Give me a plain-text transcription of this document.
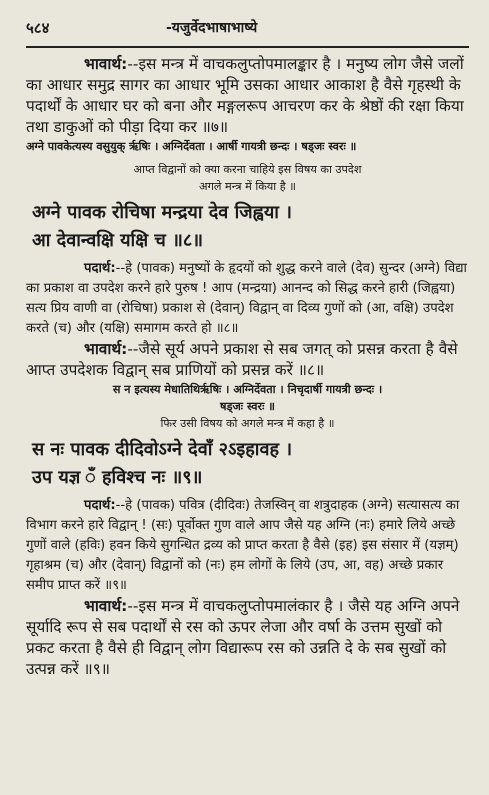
५८४	-यजुर्वेदभाषाभाष्ये

भावार्थ:--इस मन्त्र में वाचकलुप्तोपमालङ्कार है । मनुष्य लोग जैसे जलों का आधार समुद्र सागर का आधार भूमि उसका आधार आकाश है वैसे गृहस्थी के पदार्थों के आधार घर को बना और मङ्गलरूप आचरण कर के श्रेष्ठों की रक्षा किया तथा डाकुओं को पीड़ा दिया कर ॥७॥

अग्ने पावकेत्यस्य वसुयुक् र्ऋषिः । अग्निर्देवता । आर्षी गायत्री छन्दः । षड्जः स्वरः ॥

आप्त विद्वानों को क्या करना चाहिये इस विषय का उपदेश

अगले मन्त्र में किया है ॥

अग्ने पावक रोचिषा मन्द्रया देव जिह्वया ।

आ देवान्वक्षि यक्षि च ॥८॥

पदार्थ:--हे (पावक) मनुष्यों के हृदयों को शुद्ध करने वाले (देव) सुन्दर (अग्ने) विद्या का प्रकाश वा उपदेश करने हारे पुरुष ! आप (मन्द्रया) आनन्द को सिद्ध करने हारी (जिह्वया) सत्य प्रिय वाणी वा (रोचिषा) प्रकाश से (देवान्) विद्वान् वा दिव्य गुणों को (आ, वक्षि) उपदेश करते (च) और (यक्षि) समागम करते हो ॥८॥

भावार्थ:--जैसे सूर्य अपने प्रकाश से सब जगत् को प्रसन्न करता है वैसे आप्त उपदेशक विद्वान् सब प्राणियों को प्रसन्न करें ॥८॥

स न इत्यस्य मेधातिथिर्ऋषिः । अग्निर्देवता । निचृदार्षी गायत्री छन्दः ।

षड्जः स्वरः ॥

फिर उसी विषय को अगले मन्त्र में कहा है ॥

स नः पावक दीदिवोऽग्ने देवाँ २ऽइहावह ।

उप यज्ञ ँ हविश्च नः ॥९॥

पदार्थ:--हे (पावक) पवित्र (दीदिवः) तेजस्विन् वा शत्रुदाहक (अग्ने) सत्यासत्य का विभाग करने हारे विद्वान् ! (सः) पूर्वोक्त गुण वाले आप जैसे यह अग्नि (नः) हमारे लिये अच्छे गुणों वाले (हविः) हवन किये सुगन्धित द्रव्य को प्राप्त करता है वैसे (इह) इस संसार में (यज्ञम्) गृहाश्रम (च) और (देवान्) विद्वानों को (नः) हम लोगों के लिये (उप, आ, वह) अच्छे प्रकार समीप प्राप्त करें ॥९॥

भावार्थ:--इस मन्त्र में वाचकलुप्तोपमालंकार है । जैसे यह अग्नि अपने सूर्यादि रूप से सब पदार्थों से रस को ऊपर लेजा और वर्षा के उत्तम सुखों को प्रकट करता है वैसे ही विद्वान् लोग विद्यारूप रस को उन्नति दे के सब सुखों को उत्पन्न करें ॥९॥
